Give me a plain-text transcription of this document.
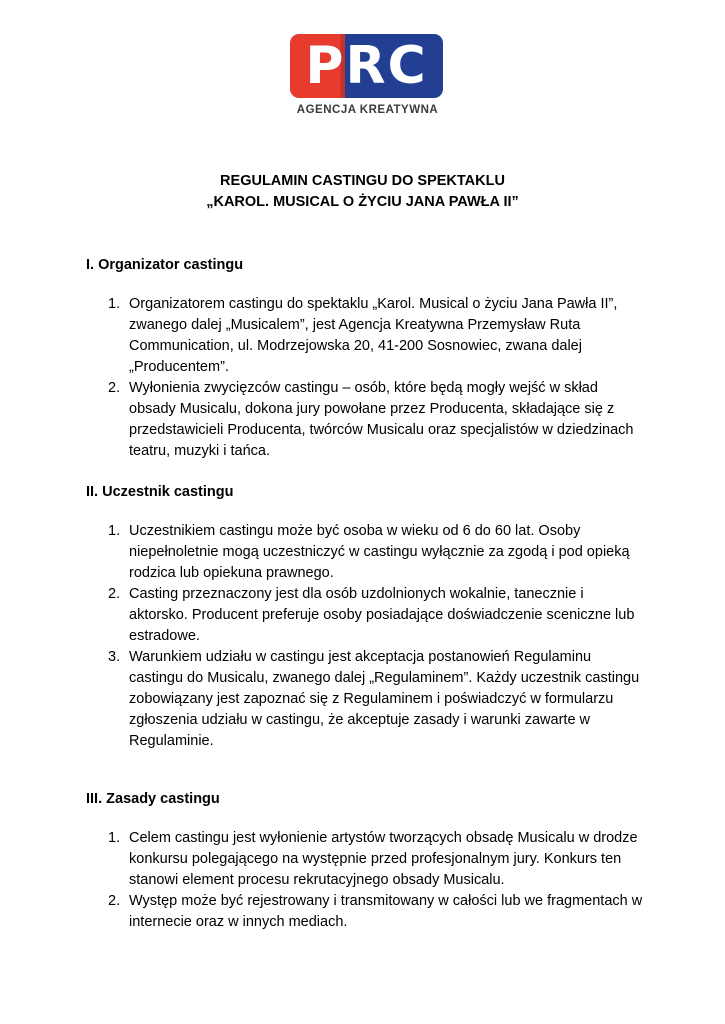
PRC
AGENCJA KREATYWNA
REGULAMIN CASTINGU DO SPEKTAKLU
„KAROL. MUSICAL O ŻYCIU JANA PAWŁA II”
I. Organizator castingu
1. Organizatorem castingu do spektaklu „Karol. Musical o życiu Jana Pawła II”, zwanego dalej „Musicalem”, jest Agencja Kreatywna Przemysław Ruta Communication, ul. Modrzejowska 20, 41-200 Sosnowiec, zwana dalej „Producentem”.
2. Wyłonienia zwycięzców castingu – osób, które będą mogły wejść w skład obsady Musicalu, dokona jury powołane przez Producenta, składające się z przedstawicieli Producenta, twórców Musicalu oraz specjalistów w dziedzinach teatru, muzyki i tańca.
II. Uczestnik castingu
1. Uczestnikiem castingu może być osoba w wieku od 6 do 60 lat. Osoby niepełnoletnie mogą uczestniczyć w castingu wyłącznie za zgodą i pod opieką rodzica lub opiekuna prawnego.
2. Casting przeznaczony jest dla osób uzdolnionych wokalnie, tanecznie i aktorsko. Producent preferuje osoby posiadające doświadczenie sceniczne lub estradowe.
3. Warunkiem udziału w castingu jest akceptacja postanowień Regulaminu castingu do Musicalu, zwanego dalej „Regulaminem”. Każdy uczestnik castingu zobowiązany jest zapoznać się z Regulaminem i poświadczyć w formularzu zgłoszenia udziału w castingu, że akceptuje zasady i warunki zawarte w Regulaminie.
III. Zasady castingu
1. Celem castingu jest wyłonienie artystów tworzących obsadę Musicalu w drodze konkursu polegającego na występnie przed profesjonalnym jury. Konkurs ten stanowi element procesu rekrutacyjnego obsady Musicalu.
2. Występ może być rejestrowany i transmitowany w całości lub we fragmentach w internecie oraz w innych mediach.
